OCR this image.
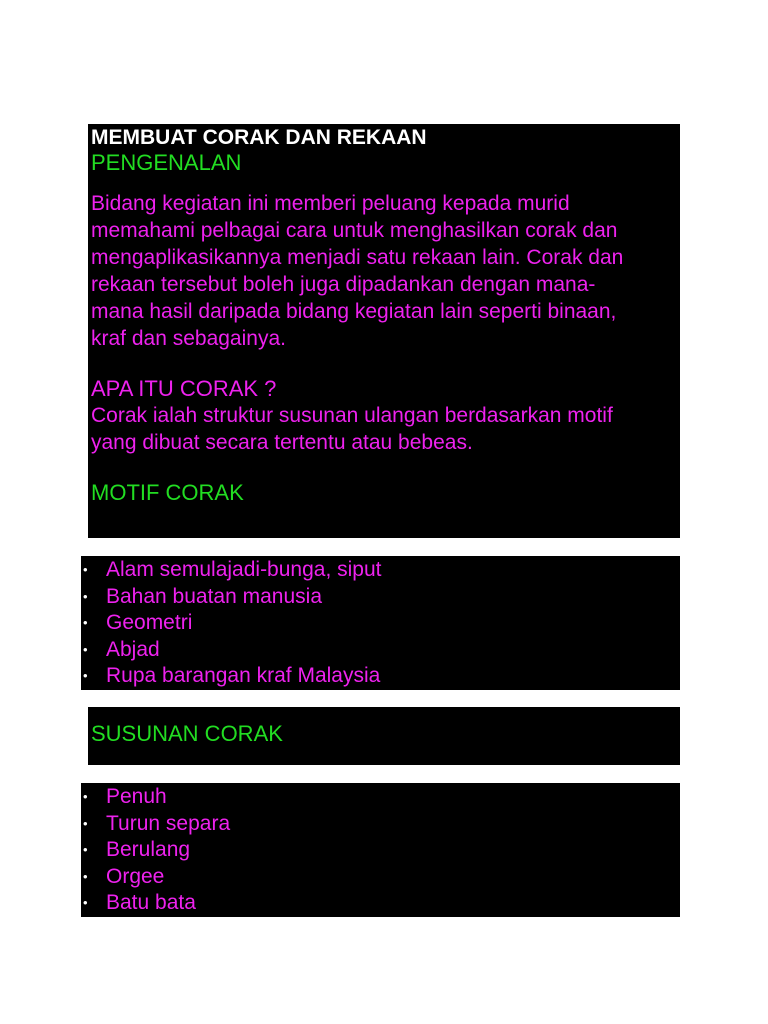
MEMBUAT CORAK DAN REKAAN

PENGENALAN

Bidang kegiatan ini memberi peluang kepada murid

memahami pelbagai cara untuk menghasilkan corak dan

mengaplikasikannya menjadi satu rekaan lain. Corak dan

rekaan tersebut boleh juga dipadankan dengan mana-

mana hasil daripada bidang kegiatan lain seperti binaan,

kraf dan sebagainya.

APA ITU CORAK ?

Corak ialah struktur susunan ulangan berdasarkan motif

yang dibuat secara tertentu atau bebeas.

MOTIF CORAK

• Alam semulajadi-bunga, siput
• Bahan buatan manusia
• Geometri
• Abjad
• Rupa barangan kraf Malaysia

SUSUNAN CORAK

• Penuh
• Turun separa
• Berulang
• Orgee
• Batu bata
